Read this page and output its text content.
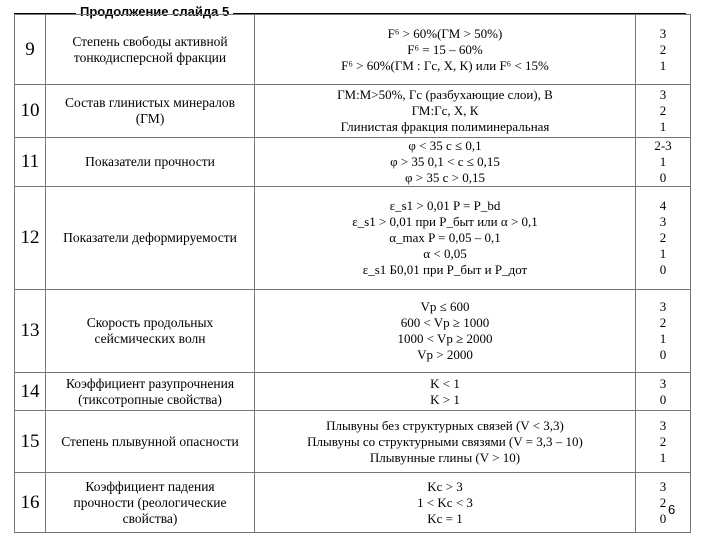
Продолжение слайда 5
9	Степень свободы активной
тонкодисперсной фракции	F⁶ > 60%(ГМ > 50%)
F⁶ = 15 – 60%
F⁶ > 60%(ГМ : Гс, Х, К) или F⁶ < 15%	3
2
1

10	Состав глинистых минералов
(ГМ)	ГМ:М>50%, Гс (разбухающие слои), В
ГМ:Гс, Х, К
Глинистая фракция полиминеральная	3
2
1

11	Показатели прочности	φ < 35 c ≤ 0,1
φ > 35 0,1 < c ≤ 0,15
φ > 35 c > 0,15	2-3
1
0

12	Показатели деформируемости	ε_s1 > 0,01 P = P_bd
ε_s1 > 0,01 при P_быт или α > 0,1
α_max P = 0,05 – 0,1
α < 0,05
ε_s1 Б0,01 при P_быт и P_дот	4
3
2
1
0

13	Скорость продольных
сейсмических волн	Vp ≤ 600
600 < Vp ≥ 1000
1000 < Vp ≥ 2000
Vp > 2000	3
2
1
0

14	Коэффициент разупрочнения
(тиксотропные свойства)	K < 1
K > 1	3
0

15	Степень плывунной опасности	Плывуны без структурных связей (V < 3,3)
Плывуны со структурными связями (V = 3,3 – 10)
Плывунные глины (V > 10)	3
2
1

16	Коэффициент падения
прочности (реологические
свойства)	Kc > 3
1 < Kc < 3
Kc = 1	3
2
0
6
